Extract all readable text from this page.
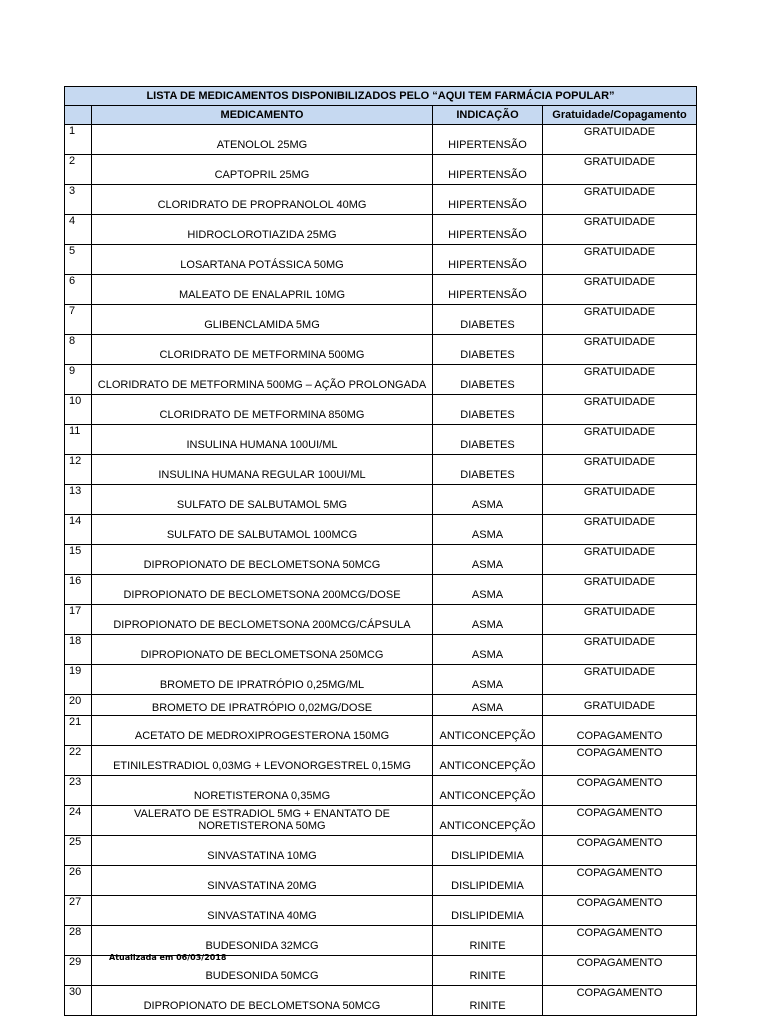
LISTA DE MEDICAMENTOS DISPONIBILIZADOS PELO “AQUI TEM FARMÁCIA POPULAR”			
	MEDICAMENTO	INDICAÇÃO	Gratuidade/Copagamento
1	ATENOLOL 25MG	HIPERTENSÃO	GRATUIDADE
2	CAPTOPRIL 25MG	HIPERTENSÃO	GRATUIDADE
3	CLORIDRATO DE PROPRANOLOL 40MG	HIPERTENSÃO	GRATUIDADE
4	HIDROCLOROTIAZIDA 25MG	HIPERTENSÃO	GRATUIDADE
5	LOSARTANA POTÁSSICA 50MG	HIPERTENSÃO	GRATUIDADE
6	MALEATO DE ENALAPRIL 10MG	HIPERTENSÃO	GRATUIDADE
7	GLIBENCLAMIDA 5MG	DIABETES	GRATUIDADE
8	CLORIDRATO DE METFORMINA 500MG	DIABETES	GRATUIDADE
9	CLORIDRATO DE METFORMINA 500MG – AÇÃO PROLONGADA	DIABETES	GRATUIDADE
10	CLORIDRATO DE METFORMINA 850MG	DIABETES	GRATUIDADE
11	INSULINA HUMANA 100UI/ML	DIABETES	GRATUIDADE
12	INSULINA HUMANA REGULAR 100UI/ML	DIABETES	GRATUIDADE
13	SULFATO DE SALBUTAMOL 5MG	ASMA	GRATUIDADE
14	SULFATO DE SALBUTAMOL 100MCG	ASMA	GRATUIDADE
15	DIPROPIONATO DE BECLOMETSONA 50MCG	ASMA	GRATUIDADE
16	DIPROPIONATO DE BECLOMETSONA 200MCG/DOSE	ASMA	GRATUIDADE
17	DIPROPIONATO DE BECLOMETSONA 200MCG/CÁPSULA	ASMA	GRATUIDADE
18	DIPROPIONATO DE BECLOMETSONA 250MCG	ASMA	GRATUIDADE
19	BROMETO DE IPRATRÓPIO 0,25MG/ML	ASMA	GRATUIDADE
20	BROMETO DE IPRATRÓPIO 0,02MG/DOSE	ASMA	GRATUIDADE
21	ACETATO DE MEDROXIPROGESTERONA 150MG	ANTICONCEPÇÃO	COPAGAMENTO
22	ETINILESTRADIOL 0,03MG + LEVONORGESTREL 0,15MG	ANTICONCEPÇÃO	COPAGAMENTO
23	NORETISTERONA 0,35MG	ANTICONCEPÇÃO	COPAGAMENTO
24	VALERATO DE ESTRADIOL 5MG + ENANTATO DE NORETISTERONA 50MG	ANTICONCEPÇÃO	COPAGAMENTO
25	SINVASTATINA 10MG	DISLIPIDEMIA	COPAGAMENTO
26	SINVASTATINA 20MG	DISLIPIDEMIA	COPAGAMENTO
27	SINVASTATINA 40MG	DISLIPIDEMIA	COPAGAMENTO
28	BUDESONIDA 32MCG	RINITE	COPAGAMENTO
29	BUDESONIDA 50MCG	RINITE	COPAGAMENTO
30	DIPROPIONATO DE BECLOMETSONA 50MCG	RINITE	COPAGAMENTO
Atualizada em 06/03/2018
